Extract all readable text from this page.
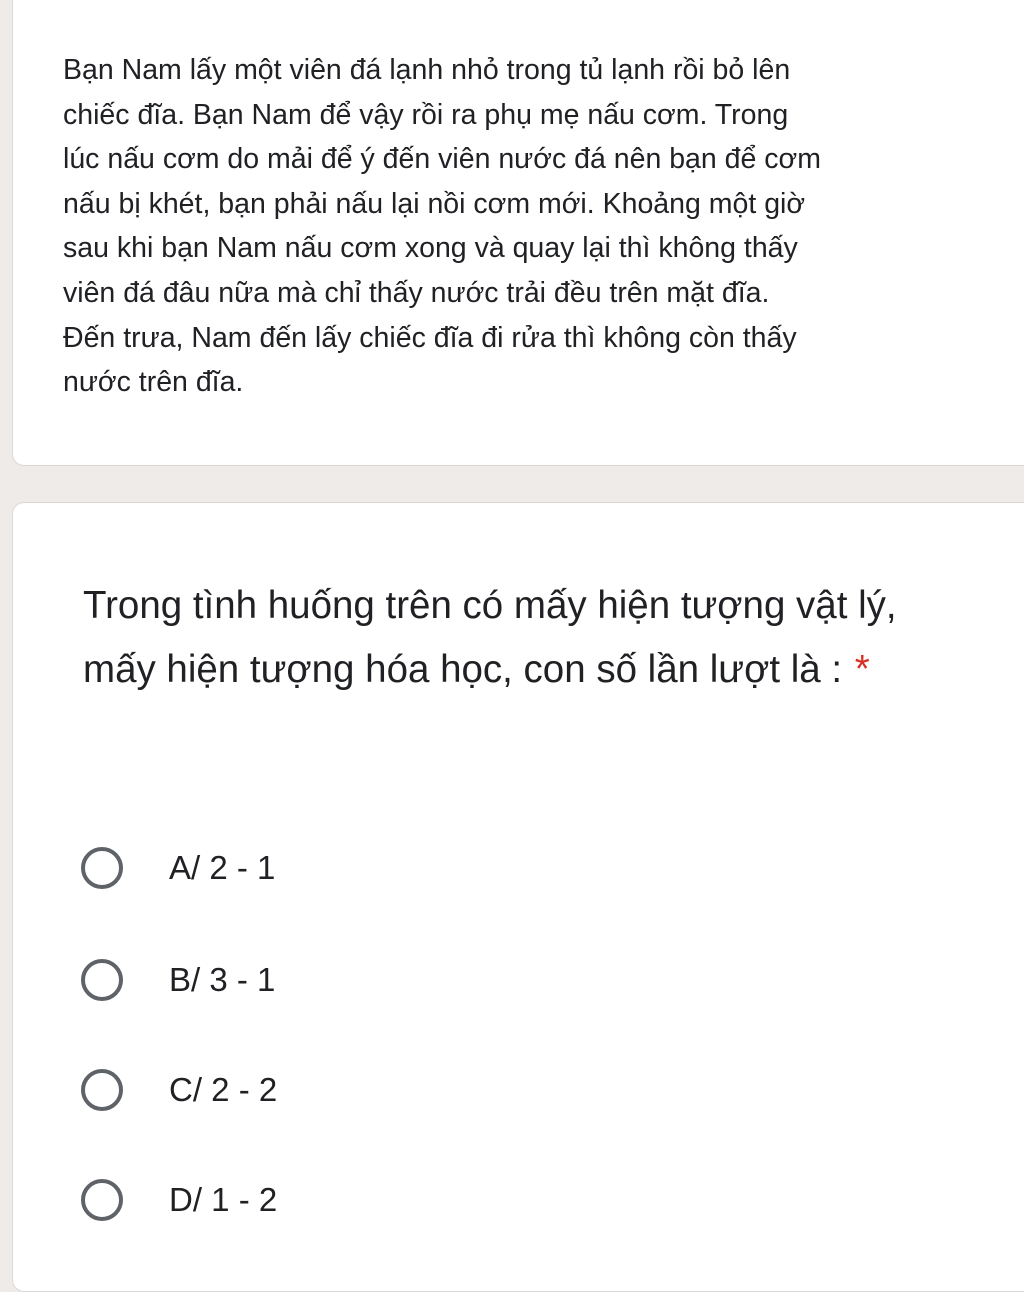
Bạn Nam lấy một viên đá lạnh nhỏ trong tủ lạnh rồi bỏ lên
chiếc đĩa. Bạn Nam để vậy rồi ra phụ mẹ nấu cơm. Trong
lúc nấu cơm do mải để ý đến viên nước đá nên bạn để cơm
nấu bị khét, bạn phải nấu lại nồi cơm mới. Khoảng một giờ
sau khi bạn Nam nấu cơm xong và quay lại thì không thấy
viên đá đâu nữa mà chỉ thấy nước trải đều trên mặt đĩa.
Đến trưa, Nam đến lấy chiếc đĩa đi rửa thì không còn thấy
nước trên đĩa.

Trong tình huống trên có mấy hiện tượng vật lý, mấy hiện tượng hóa học, con số lần lượt là : *

A/ 2 - 1
B/ 3 - 1
C/ 2 - 2
D/ 1 - 2
